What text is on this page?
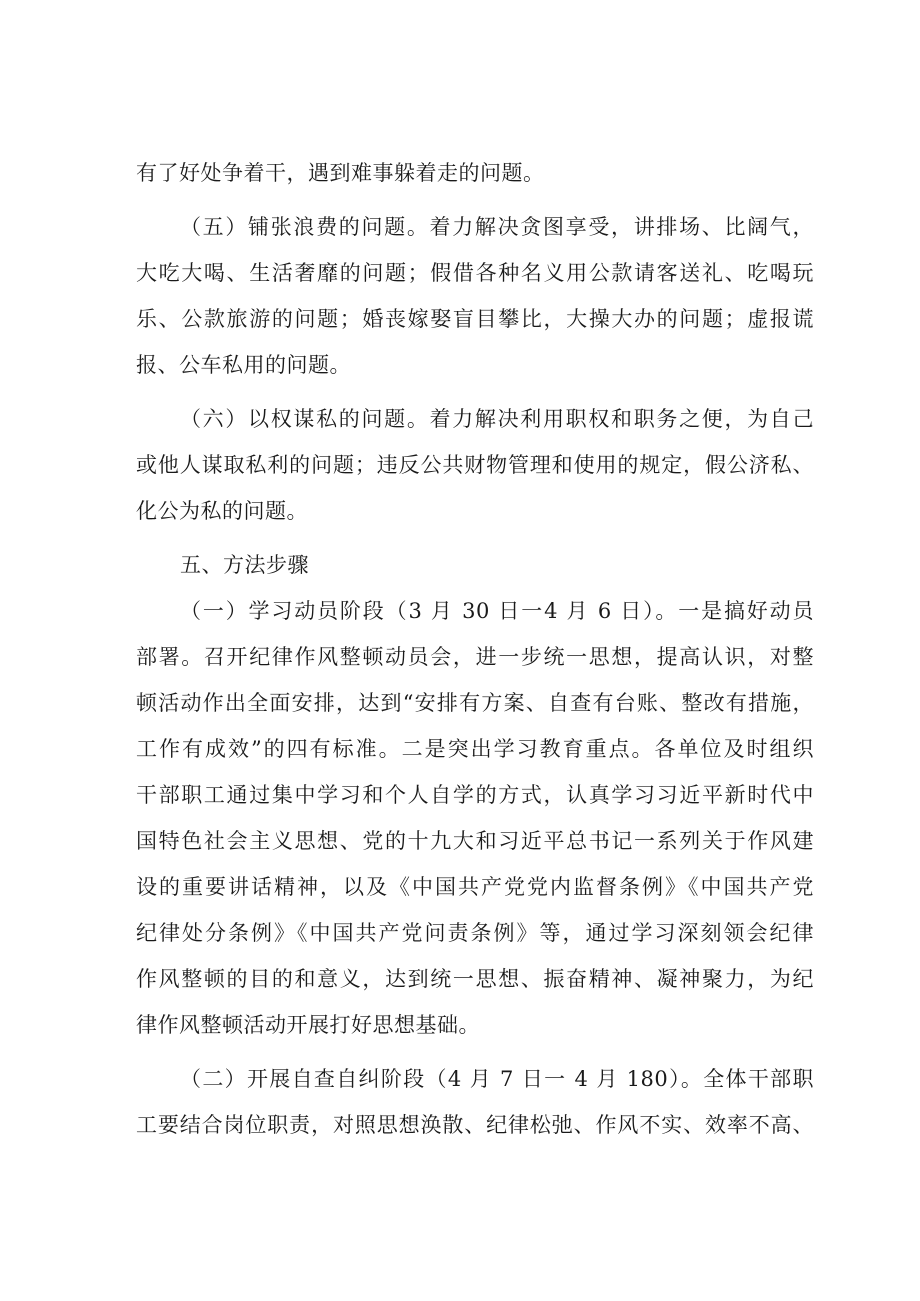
有了好处争着干，遇到难事躲着走的问题。
（五）铺张浪费的问题。着力解决贪图享受，讲排场、比阔气，
大吃大喝、生活奢靡的问题；假借各种名义用公款请客送礼、吃喝玩
乐、公款旅游的问题；婚丧嫁娶盲目攀比，大操大办的问题；虚报谎
报、公车私用的问题。
（六）以权谋私的问题。着力解决利用职权和职务之便，为自己
或他人谋取私利的问题；违反公共财物管理和使用的规定，假公济私、
化公为私的问题。
五、方法步骤
（一）学习动员阶段（3 月 30 日一4 月 6 日）。一是搞好动员
部署。召开纪律作风整顿动员会，进一步统一思想，提高认识，对整
顿活动作出全面安排，达到“安排有方案、自查有台账、整改有措施，
工作有成效”的四有标准。二是突出学习教育重点。各单位及时组织
干部职工通过集中学习和个人自学的方式，认真学习习近平新时代中
国特色社会主义思想、党的十九大和习近平总书记一系列关于作风建
设的重要讲话精神，以及《中国共产党党内监督条例》《中国共产党
纪律处分条例》《中国共产党问责条例》等，通过学习深刻领会纪律
作风整顿的目的和意义，达到统一思想、振奋精神、凝神聚力，为纪
律作风整顿活动开展打好思想基础。
（二）开展自查自纠阶段（4 月 7 日一 4 月 180）。全体干部职
工要结合岗位职责，对照思想涣散、纪律松弛、作风不实、效率不高、
